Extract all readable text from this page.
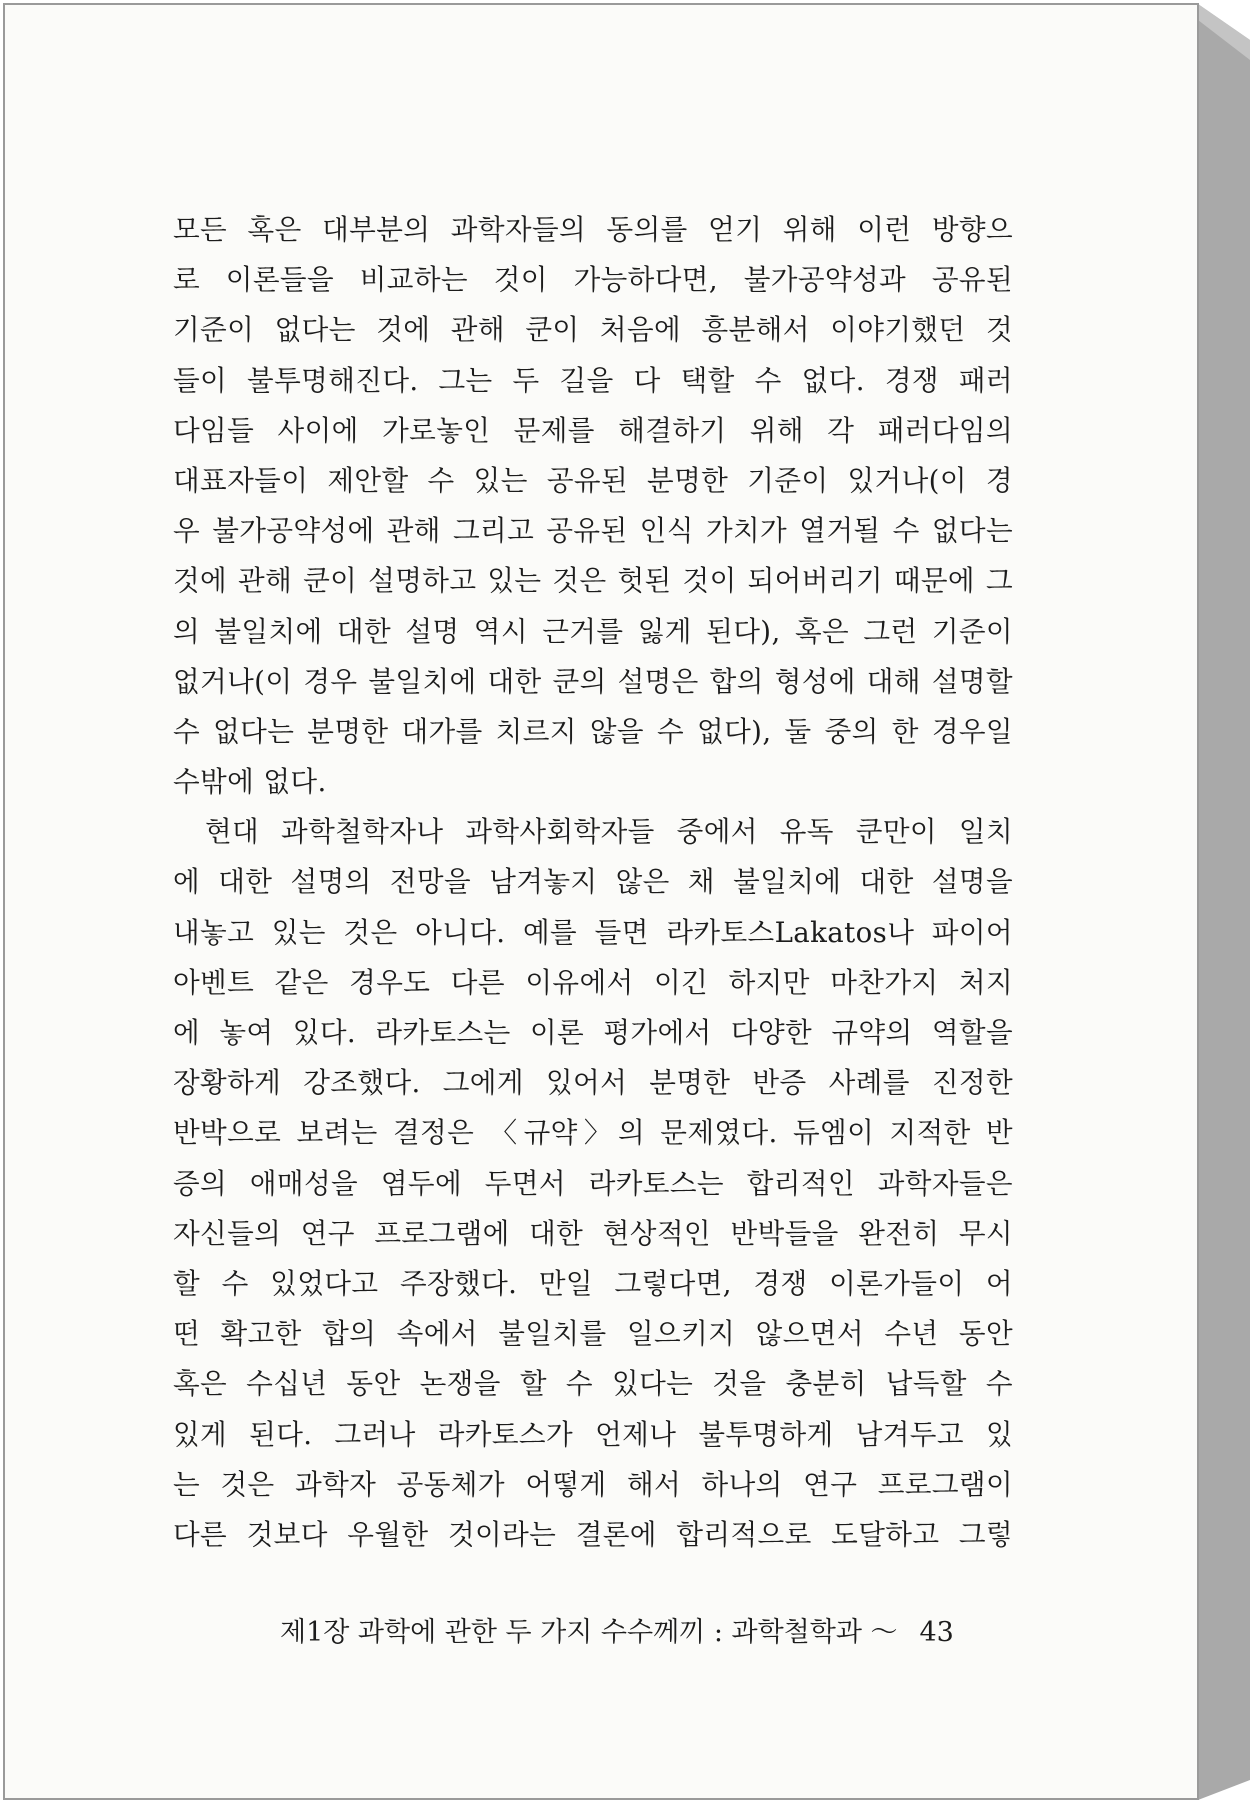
모든 혹은 대부분의 과학자들의 동의를 얻기 위해 이런 방향으
로 이론들을 비교하는 것이 가능하다면, 불가공약성과 공유된
기준이 없다는 것에 관해 쿤이 처음에 흥분해서 이야기했던 것
들이 불투명해진다. 그는 두 길을 다 택할 수 없다. 경쟁 패러
다임들 사이에 가로놓인 문제를 해결하기 위해 각 패러다임의
대표자들이 제안할 수 있는 공유된 분명한 기준이 있거나(이 경
우 불가공약성에 관해 그리고 공유된 인식 가치가 열거될 수 없다는
것에 관해 쿤이 설명하고 있는 것은 헛된 것이 되어버리기 때문에 그
의 불일치에 대한 설명 역시 근거를 잃게 된다), 혹은 그런 기준이
없거나(이 경우 불일치에 대한 쿤의 설명은 합의 형성에 대해 설명할
수 없다는 분명한 대가를 치르지 않을 수 없다), 둘 중의 한 경우일
수밖에 없다.
현대 과학철학자나 과학사회학자들 중에서 유독 쿤만이 일치
에 대한 설명의 전망을 남겨놓지 않은 채 불일치에 대한 설명을
내놓고 있는 것은 아니다. 예를 들면 라카토스Lakatos나 파이어
아벤트 같은 경우도 다른 이유에서 이긴 하지만 마찬가지 처지
에 놓여 있다. 라카토스는 이론 평가에서 다양한 규약의 역할을
장황하게 강조했다. 그에게 있어서 분명한 반증 사례를 진정한
반박으로 보려는 결정은 〈규약〉의 문제였다. 듀엠이 지적한 반
증의 애매성을 염두에 두면서 라카토스는 합리적인 과학자들은
자신들의 연구 프로그램에 대한 현상적인 반박들을 완전히 무시
할 수 있었다고 주장했다. 만일 그렇다면, 경쟁 이론가들이 어
떤 확고한 합의 속에서 불일치를 일으키지 않으면서 수년 동안
혹은 수십년 동안 논쟁을 할 수 있다는 것을 충분히 납득할 수
있게 된다. 그러나 라카토스가 언제나 불투명하게 남겨두고 있
는 것은 과학자 공동체가 어떻게 해서 하나의 연구 프로그램이
다른 것보다 우월한 것이라는 결론에 합리적으로 도달하고 그렇
제1장 과학에 관한 두 가지 수수께끼 : 과학철학과 ～ 43
